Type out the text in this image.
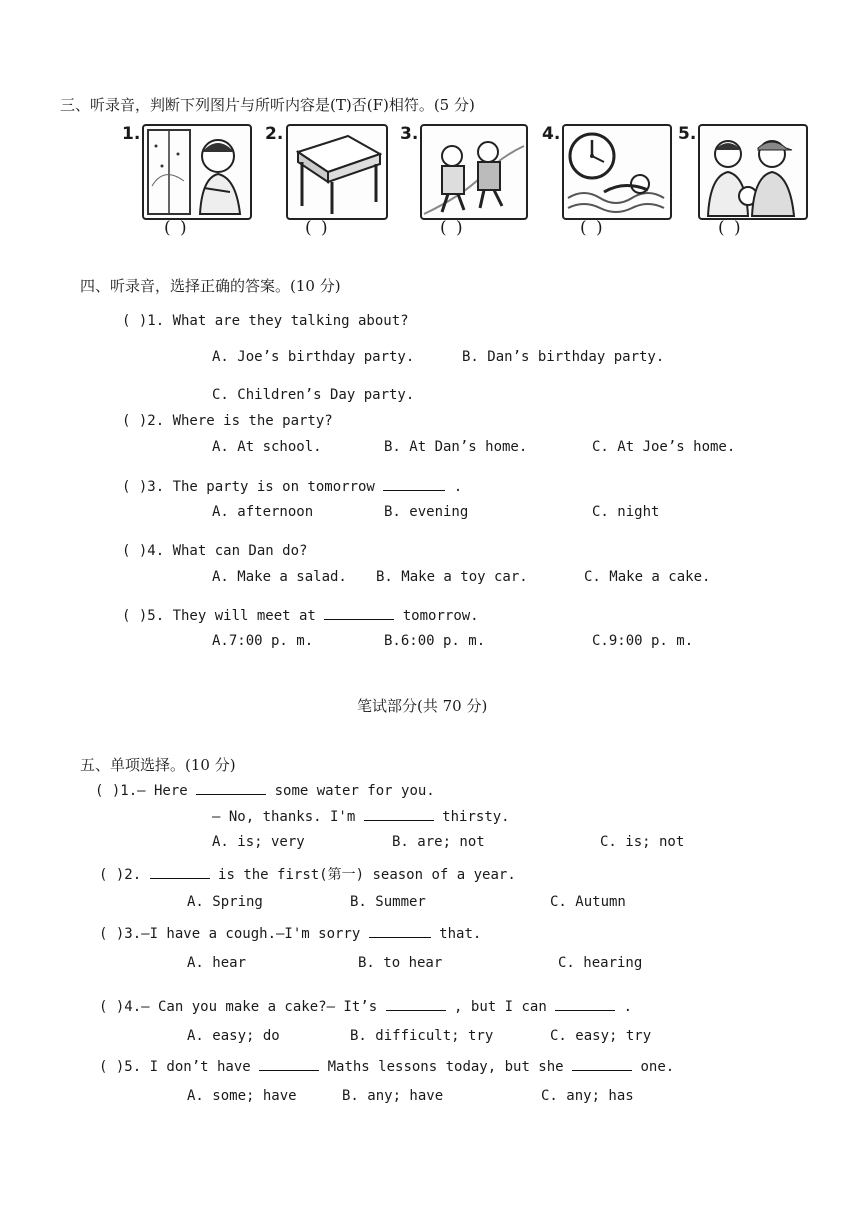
三、听录音，判断下列图片与所听内容是(T)否(F)相符。(5 分)
1.
( )
2.
( )
3.
( )
4.
( )
5.
( )
四、听录音，选择正确的答案。(10 分)
( )1. What are they talking about?
A. Joe’s birthday party.	B. Dan’s birthday party.
C. Children’s Day party.
( )2. Where is the party?
A. At school.	B. At Dan’s home.	C. At Joe’s home.
( )3. The party is on tomorrow	.
A. afternoon	B. evening	C. night
( )4. What can Dan do?
A. Make a salad. B. Make a toy car.	C. Make a cake.
( )5. They will meet at	tomorrow.
A.7:00 p. m.	B.6:00 p. m.	C.9:00 p. m.
笔试部分(共 70 分)
五、单项选择。(10 分)
( )1.— Here	some water for you.
— No, thanks. I'm	thirsty.
A. is; very	B. are; not	C. is; not
( )2.	is the first(第一) season of a year.
A. Spring	B. Summer	C. Autumn
( )3.—I have a cough.—I'm sorry	that.
A. hear	B. to hear	C. hearing
( )4.— Can you make a cake?— It’s	, but I can	.
A. easy; do	B. difficult; try	C. easy; try
( )5. I don’t have	Maths lessons today, but she	one.
A. some; have	B. any; have	C. any; has
